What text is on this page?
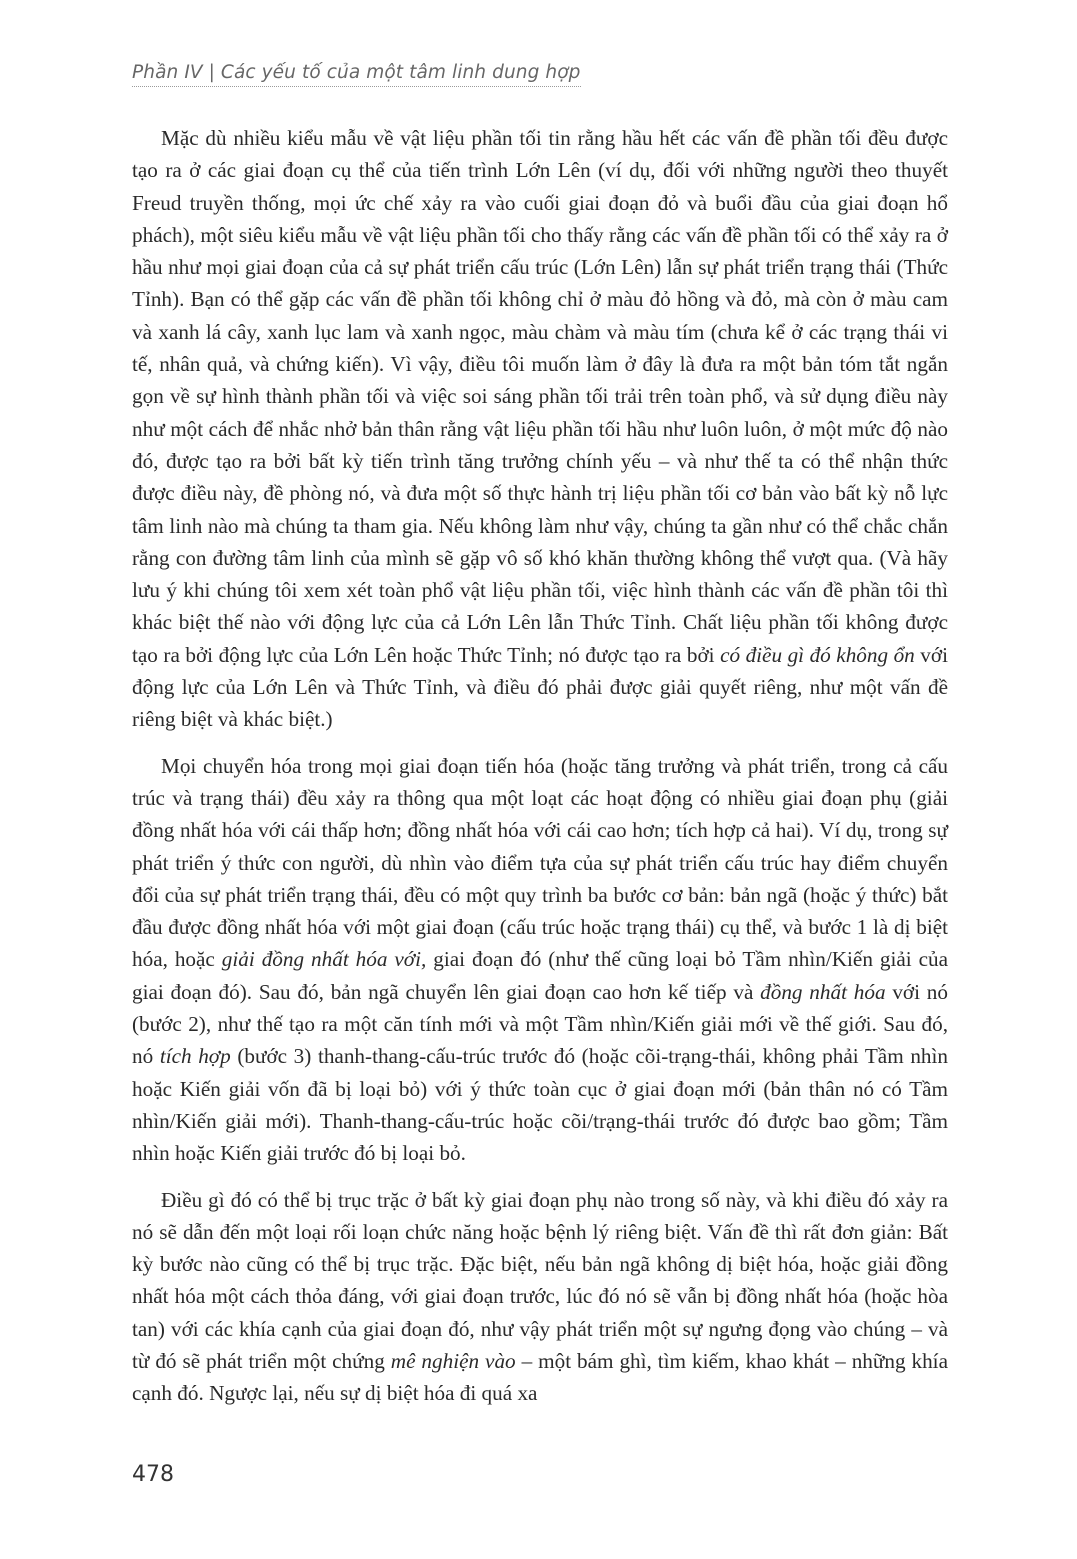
Phần IV | Các yếu tố của một tâm linh dung hợp

Mặc dù nhiều kiểu mẫu về vật liệu phần tối tin rằng hầu hết các vấn đề phần tối đều được tạo ra ở các giai đoạn cụ thể của tiến trình Lớn Lên (ví dụ, đối với những người theo thuyết Freud truyền thống, mọi ức chế xảy ra vào cuối giai đoạn đỏ và buổi đầu của giai đoạn hổ phách), một siêu kiểu mẫu về vật liệu phần tối cho thấy rằng các vấn đề phần tối có thể xảy ra ở hầu như mọi giai đoạn của cả sự phát triển cấu trúc (Lớn Lên) lẫn sự phát triển trạng thái (Thức Tỉnh). Bạn có thể gặp các vấn đề phần tối không chỉ ở màu đỏ hồng và đỏ, mà còn ở màu cam và xanh lá cây, xanh lục lam và xanh ngọc, màu chàm và màu tím (chưa kể ở các trạng thái vi tế, nhân quả, và chứng kiến). Vì vậy, điều tôi muốn làm ở đây là đưa ra một bản tóm tắt ngắn gọn về sự hình thành phần tối và việc soi sáng phần tối trải trên toàn phổ, và sử dụng điều này như một cách để nhắc nhở bản thân rằng vật liệu phần tối hầu như luôn luôn, ở một mức độ nào đó, được tạo ra bởi bất kỳ tiến trình tăng trưởng chính yếu – và như thế ta có thể nhận thức được điều này, đề phòng nó, và đưa một số thực hành trị liệu phần tối cơ bản vào bất kỳ nỗ lực tâm linh nào mà chúng ta tham gia. Nếu không làm như vậy, chúng ta gần như có thể chắc chắn rằng con đường tâm linh của mình sẽ gặp vô số khó khăn thường không thể vượt qua. (Và hãy lưu ý khi chúng tôi xem xét toàn phổ vật liệu phần tối, việc hình thành các vấn đề phần tôi thì khác biệt thế nào với động lực của cả Lớn Lên lẫn Thức Tỉnh. Chất liệu phần tối không được tạo ra bởi động lực của Lớn Lên hoặc Thức Tỉnh; nó được tạo ra bởi có điều gì đó không ổn với động lực của Lớn Lên và Thức Tỉnh, và điều đó phải được giải quyết riêng, như một vấn đề riêng biệt và khác biệt.)

Mọi chuyển hóa trong mọi giai đoạn tiến hóa (hoặc tăng trưởng và phát triển, trong cả cấu trúc và trạng thái) đều xảy ra thông qua một loạt các hoạt động có nhiều giai đoạn phụ (giải đồng nhất hóa với cái thấp hơn; đồng nhất hóa với cái cao hơn; tích hợp cả hai). Ví dụ, trong sự phát triển ý thức con người, dù nhìn vào điểm tựa của sự phát triển cấu trúc hay điểm chuyển đổi của sự phát triển trạng thái, đều có một quy trình ba bước cơ bản: bản ngã (hoặc ý thức) bắt đầu được đồng nhất hóa với một giai đoạn (cấu trúc hoặc trạng thái) cụ thể, và bước 1 là dị biệt hóa, hoặc giải đồng nhất hóa với, giai đoạn đó (như thế cũng loại bỏ Tầm nhìn/Kiến giải của giai đoạn đó). Sau đó, bản ngã chuyển lên giai đoạn cao hơn kế tiếp và đồng nhất hóa với nó (bước 2), như thế tạo ra một căn tính mới và một Tầm nhìn/Kiến giải mới về thế giới. Sau đó, nó tích hợp (bước 3) thanh-thang-cấu-trúc trước đó (hoặc cõi-trạng-thái, không phải Tầm nhìn hoặc Kiến giải vốn đã bị loại bỏ) với ý thức toàn cục ở giai đoạn mới (bản thân nó có Tầm nhìn/Kiến giải mới). Thanh-thang-cấu-trúc hoặc cõi/trạng-thái trước đó được bao gồm; Tầm nhìn hoặc Kiến giải trước đó bị loại bỏ.

Điều gì đó có thể bị trục trặc ở bất kỳ giai đoạn phụ nào trong số này, và khi điều đó xảy ra nó sẽ dẫn đến một loại rối loạn chức năng hoặc bệnh lý riêng biệt. Vấn đề thì rất đơn giản: Bất kỳ bước nào cũng có thể bị trục trặc. Đặc biệt, nếu bản ngã không dị biệt hóa, hoặc giải đồng nhất hóa một cách thỏa đáng, với giai đoạn trước, lúc đó nó sẽ vẫn bị đồng nhất hóa (hoặc hòa tan) với các khía cạnh của giai đoạn đó, như vậy phát triển một sự ngưng đọng vào chúng – và từ đó sẽ phát triển một chứng mê nghiện vào – một bám ghì, tìm kiếm, khao khát – những khía cạnh đó. Ngược lại, nếu sự dị biệt hóa đi quá xa

478
